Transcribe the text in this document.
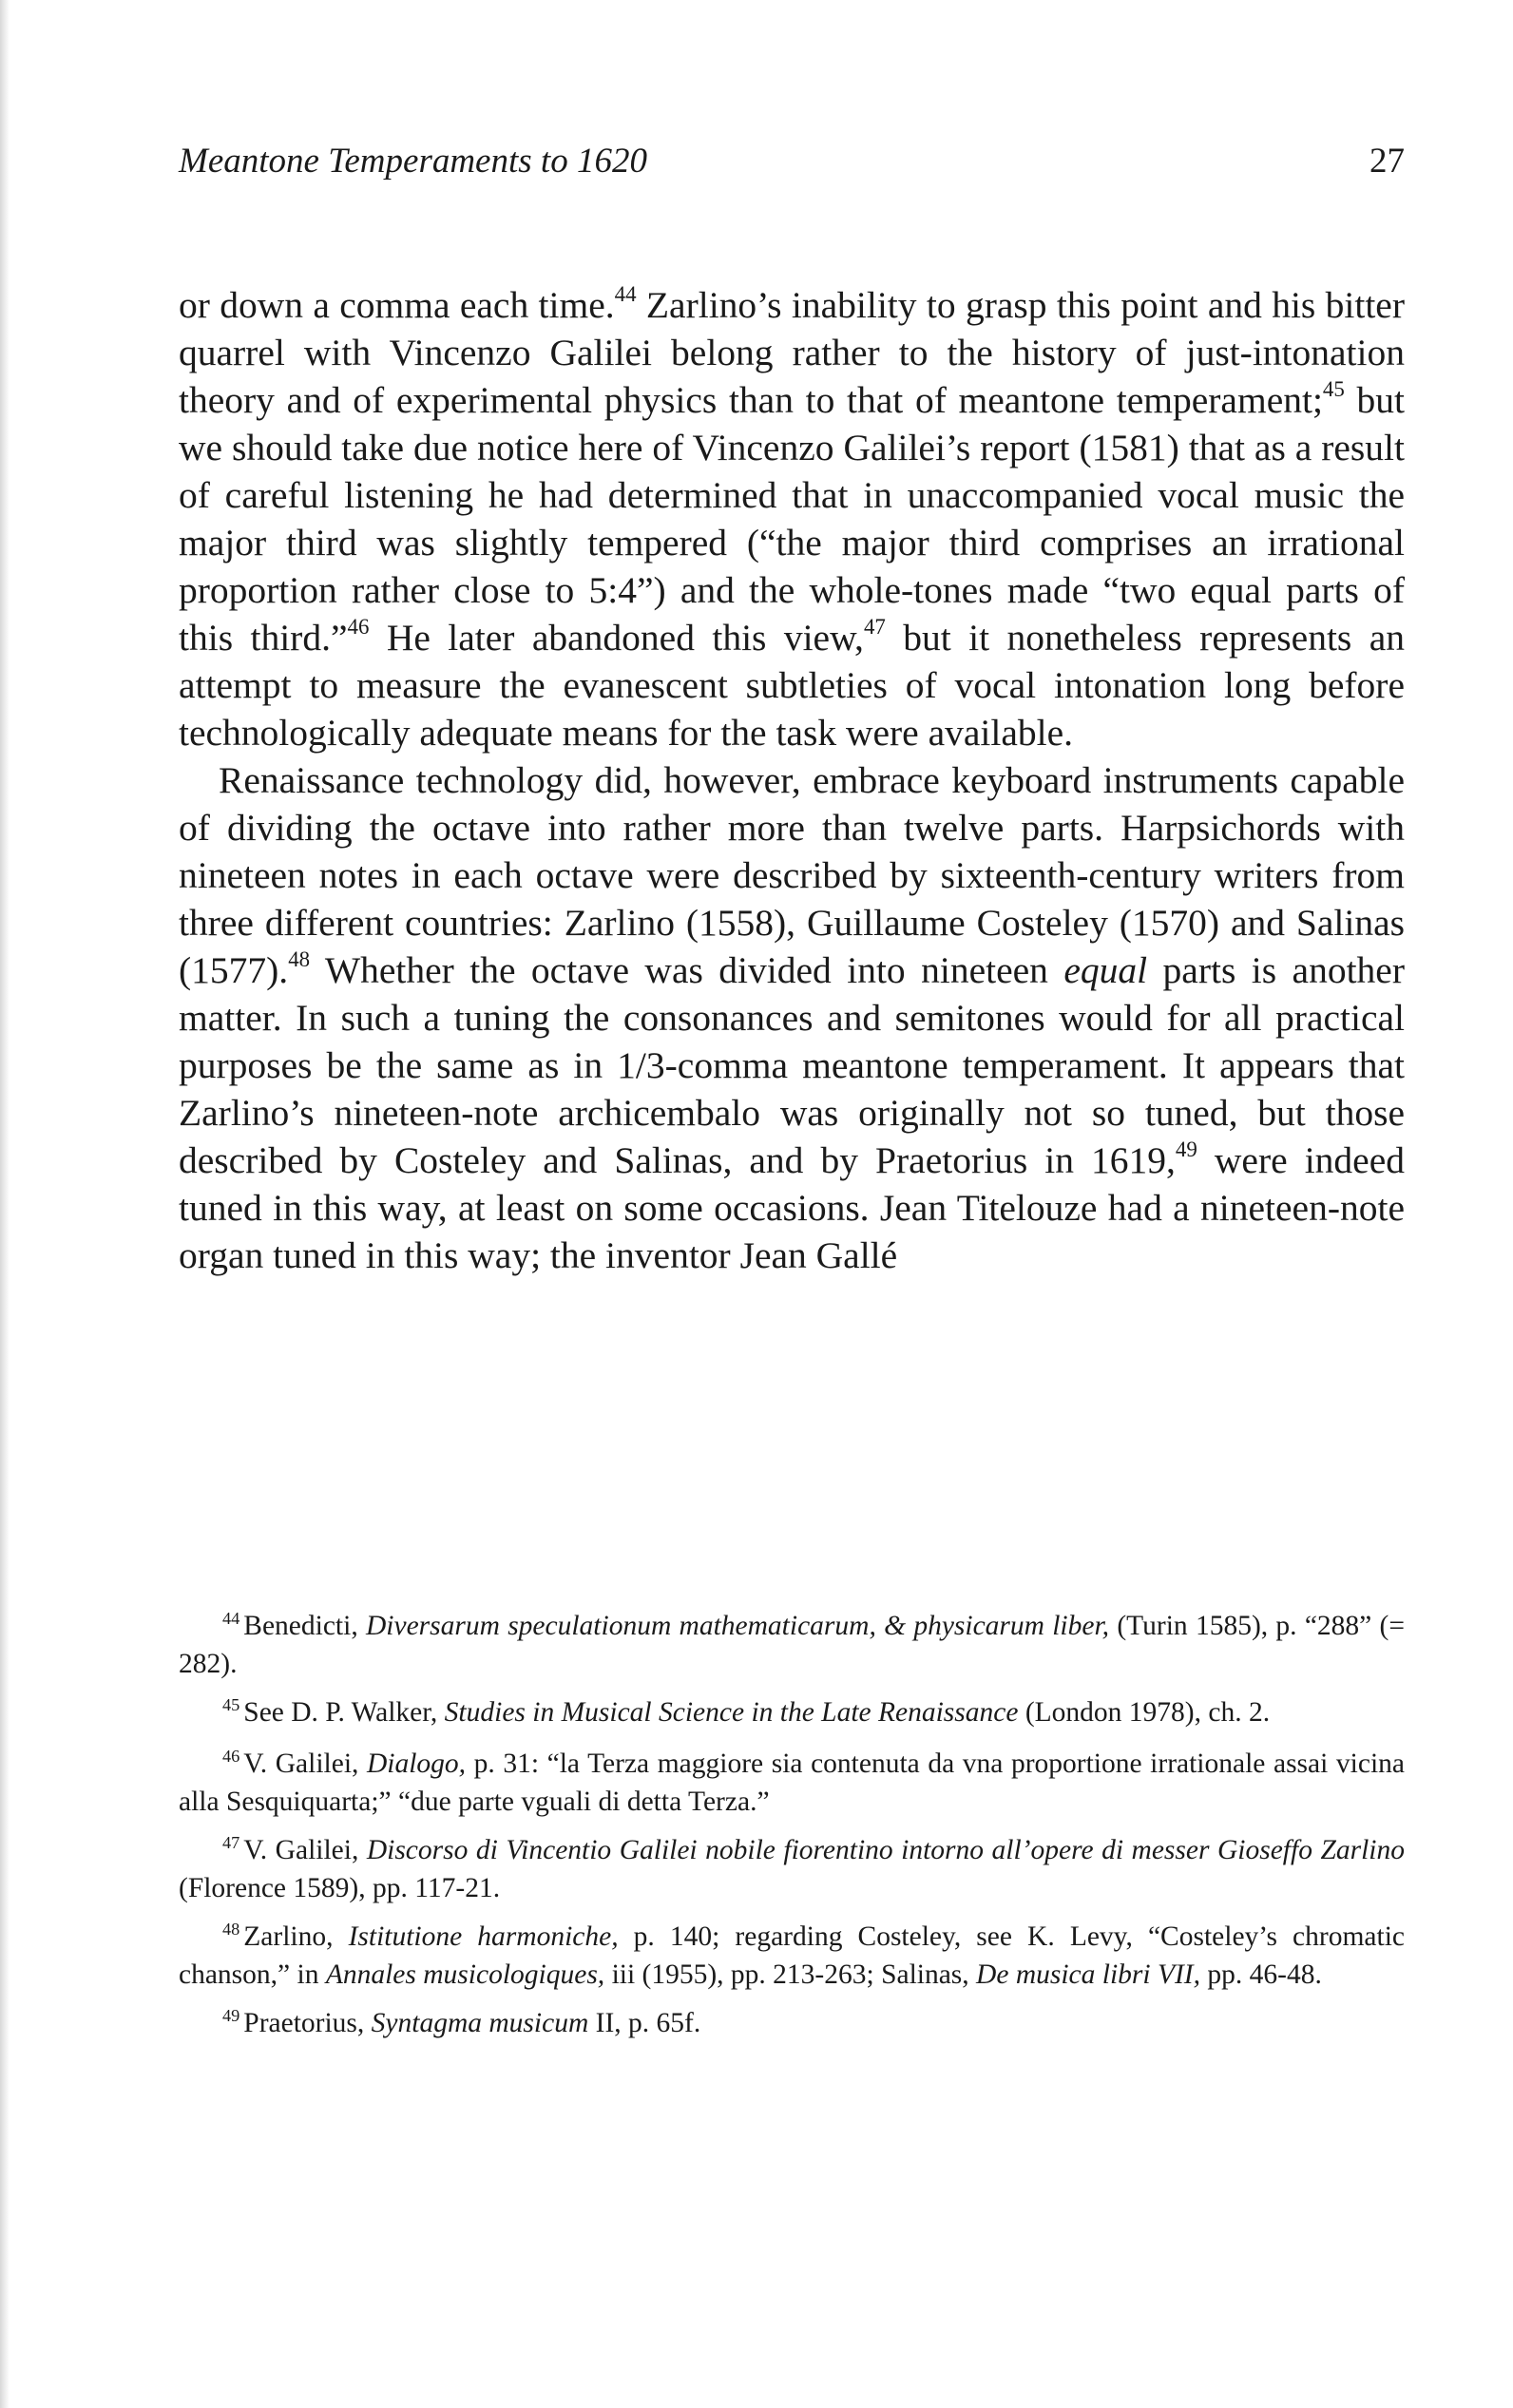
Meantone Temperaments to 1620	27

or down a comma each time.$^{44}$ Zarlino’s inability to grasp this point and his bitter quarrel with Vincenzo Galilei belong rather to the history of just-intonation theory and of experimental physics than to that of meantone temperament;$^{45}$ but we should take due notice here of Vincenzo Galilei’s report (1581) that as a result of careful listening he had determined that in unaccompanied vocal music the major third was slightly tempered (“the major third comprises an irrational proportion rather close to 5:4”) and the whole-tones made “two equal parts of this third.”$^{46}$ He later abandoned this view,$^{47}$ but it nonetheless represents an attempt to measure the evanescent subtleties of vocal intonation long before technologically adequate means for the task were available.

Renaissance technology did, however, embrace keyboard instruments capable of dividing the octave into rather more than twelve parts. Harpsichords with nineteen notes in each octave were described by sixteenth-century writers from three different countries: Zarlino (1558), Guillaume Costeley (1570) and Salinas (1577).$^{48}$ Whether the octave was divided into nineteen equal parts is another matter. In such a tuning the consonances and semitones would for all practical purposes be the same as in 1/3-comma meantone temperament. It appears that Zarlino’s nineteen-note archicembalo was originally not so tuned, but those described by Costeley and Salinas, and by Praetorius in 1619,49 were indeed tuned in this way, at least on some occasions. Jean Titelouze had a nineteen-note organ tuned in this way; the inventor Jean Gallé

$^{44}$ Benedicti, Diversarum speculationum mathematicarum, & physicarum liber, (Turin 1585), p. “288” (= 282).

$^{45}$ See D. P. Walker, Studies in Musical Science in the Late Renaissance (London 1978), ch. 2.

$^{46}$ V. Galilei, Dialogo, p. 31: “la Terza maggiore sia contenuta da vna proportione irrationale assai vicina alla Sesquiquarta;” “due parte vguali di detta Terza.”

$^{47}$ V. Galilei, Discorso di Vincentio Galilei nobile fiorentino intorno all’opere di messer Gioseffo Zarlino (Florence 1589), pp. 117-21.

$^{48}$ Zarlino, Istitutione harmoniche, p. 140; regarding Costeley, see K. Levy, “Costeley’s chromatic chanson,” in Annales musicologiques, iii (1955), pp. 213-263; Salinas, De musica libri VII, pp. 46-48.

$^{49}$ Praetorius, Syntagma musicum II, p. 65f.
